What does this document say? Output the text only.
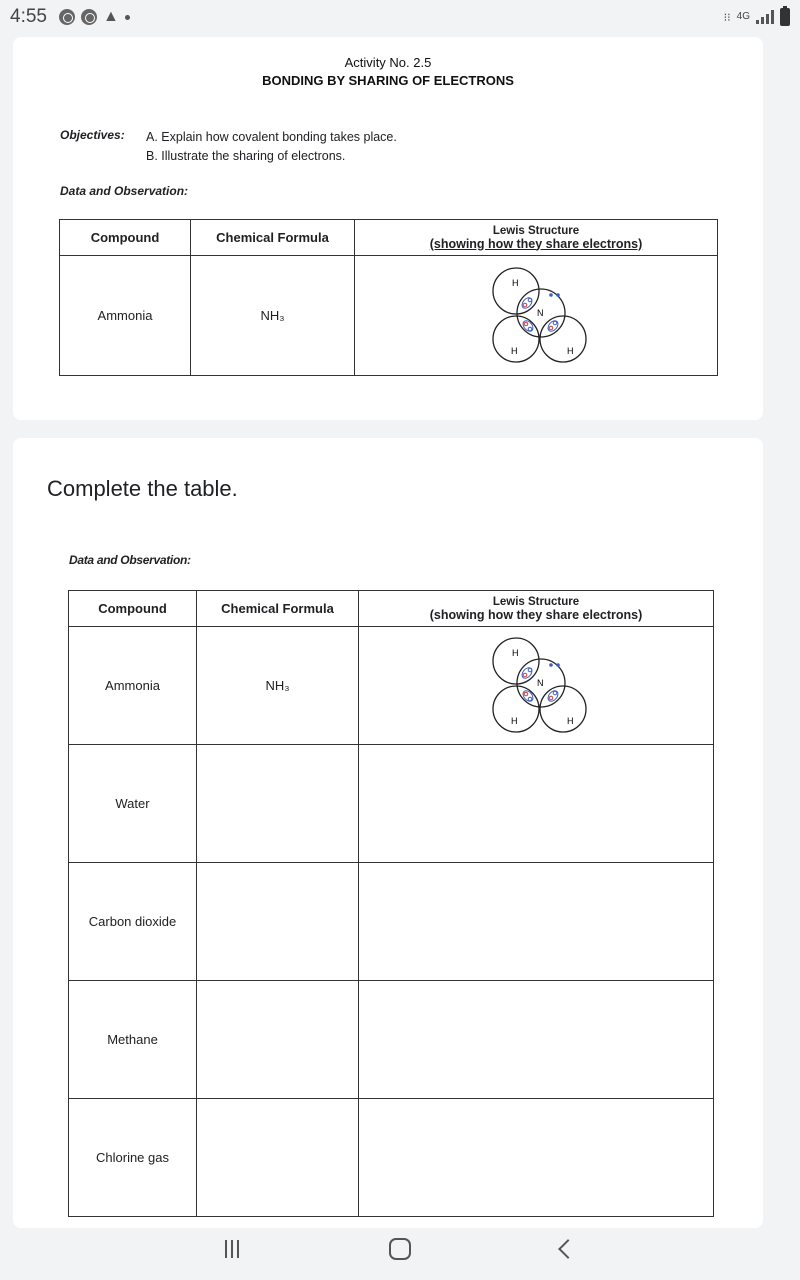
4:55	▲	⁝⁝ 4G
Activity No. 2.5
BONDING BY SHARING OF ELECTRONS
Objectives: A. Explain how covalent bonding takes place.
B. Illustrate the sharing of electrons.
Data and Observation:
Compound	Chemical Formula	Lewis Structure
(showing how they share electrons)

Ammonia	NH₃	H
N
H H
Complete the table.
Data and Observation:
Compound	Chemical Formula	Lewis Structure
(showing how they share electrons)

Ammonia	NH₃	H
N
H H

Water		
Carbon dioxide		
Methane		
Chlorine gas		
